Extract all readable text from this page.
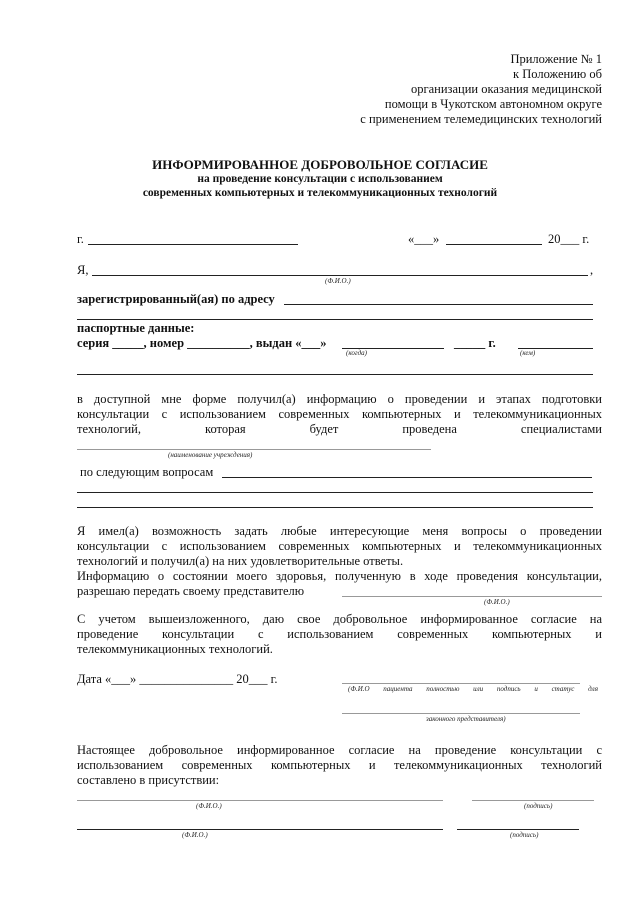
Приложение № 1
к Положению об
организации оказания медицинской
помощи в Чукотском автономном округе
с применением телемедицинских технологий
ИНФОРМИРОВАННОЕ ДОБРОВОЛЬНОЕ СОГЛАСИЕ
на проведение консультации с использованием
современных компьютерных и телекоммуникационных технологий
г.	«___»	20___ г.
Я,	,
(Ф.И.О.)
зарегистрированный(ая) по адресу
паспортные данные:
серия _____, номер __________, выдан «___»	_____ г.
(когда)	(кем)
в доступной мне форме получил(а) информацию о проведении и этапах подготовки
консультации с использованием современных компьютерных и телекоммуникационных
технологий, которая будет проведена специалистами
(наименование учреждения)
по следующим вопросам
Я имел(а) возможность задать любые интересующие меня вопросы о проведении
консультации с использованием современных компьютерных и телекоммуникационных
технологий и получил(а) на них удовлетворительные ответы.
Информацию о состоянии моего здоровья, полученную в ходе проведения консультации,
разрешаю передать своему представителю
(Ф.И.О.)
С учетом вышеизложенного, даю свое добровольное информированное согласие на
проведение консультации с использованием современных компьютерных и
телекоммуникационных технологий.
Дата «___» _______________ 20___ г.
(Ф.И.О пациента полностью или подпись и статус для
законного представителя)
Настоящее добровольное информированное согласие на проведение консультации с
использованием современных компьютерных и телекоммуникационных технологий
составлено в присутствии:
(Ф.И.О.)	(подпись)
(Ф.И.О.)	(подпись)
